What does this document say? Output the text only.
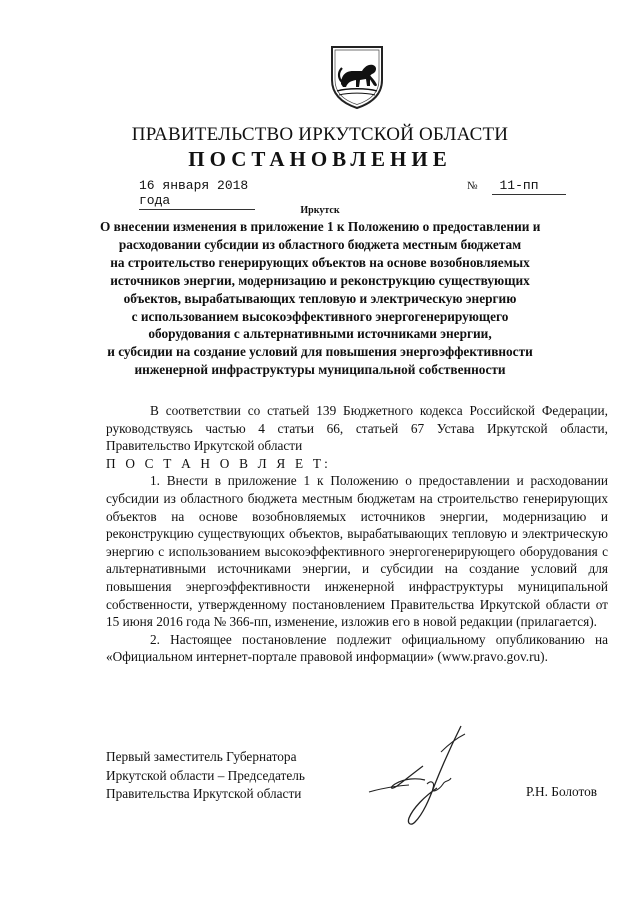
ПРАВИТЕЛЬСТВО ИРКУТСКОЙ ОБЛАСТИ
ПОСТАНОВЛЕНИЕ
16 января 2018 года
№ 11-пп
Иркутск
О внесении изменения в приложение 1 к Положению о предоставлении и
расходовании субсидии из областного бюджета местным бюджетам
на строительство генерирующих объектов на основе возобновляемых
источников энергии, модернизацию и реконструкцию существующих
объектов, вырабатывающих тепловую и электрическую энергию
с использованием высокоэффективного энергогенерирующего
оборудования с альтернативными источниками энергии,
и субсидии на создание условий для повышения энергоэффективности
инженерной инфраструктуры муниципальной собственности

В соответствии со статьей 139 Бюджетного кодекса Российской Федерации, руководствуясь частью 4 статьи 66, статьей 67 Устава Иркутской области, Правительство Иркутской области

П О С Т А Н О В Л Я Е Т:

1. Внести в приложение 1 к Положению о предоставлении и расходовании субсидии из областного бюджета местным бюджетам на строительство генерирующих объектов на основе возобновляемых источников энергии, модернизацию и реконструкцию существующих объектов, вырабатывающих тепловую и электрическую энергию с использованием высокоэффективного энергогенерирующего оборудования с альтернативными источниками энергии, и субсидии на создание условий для повышения энергоэффективности инженерной инфраструктуры муниципальной собственности, утвержденному постановлением Правительства Иркутской области от 15 июня 2016 года № 366-пп, изменение, изложив его в новой редакции (прилагается).

2. Настоящее постановление подлежит официальному опубликованию на «Официальном интернет-портале правовой информации» (www.pravo.gov.ru).

Первый заместитель Губернатора
Иркутской области – Председатель
Правительства Иркутской области	Р.Н. Болотов
